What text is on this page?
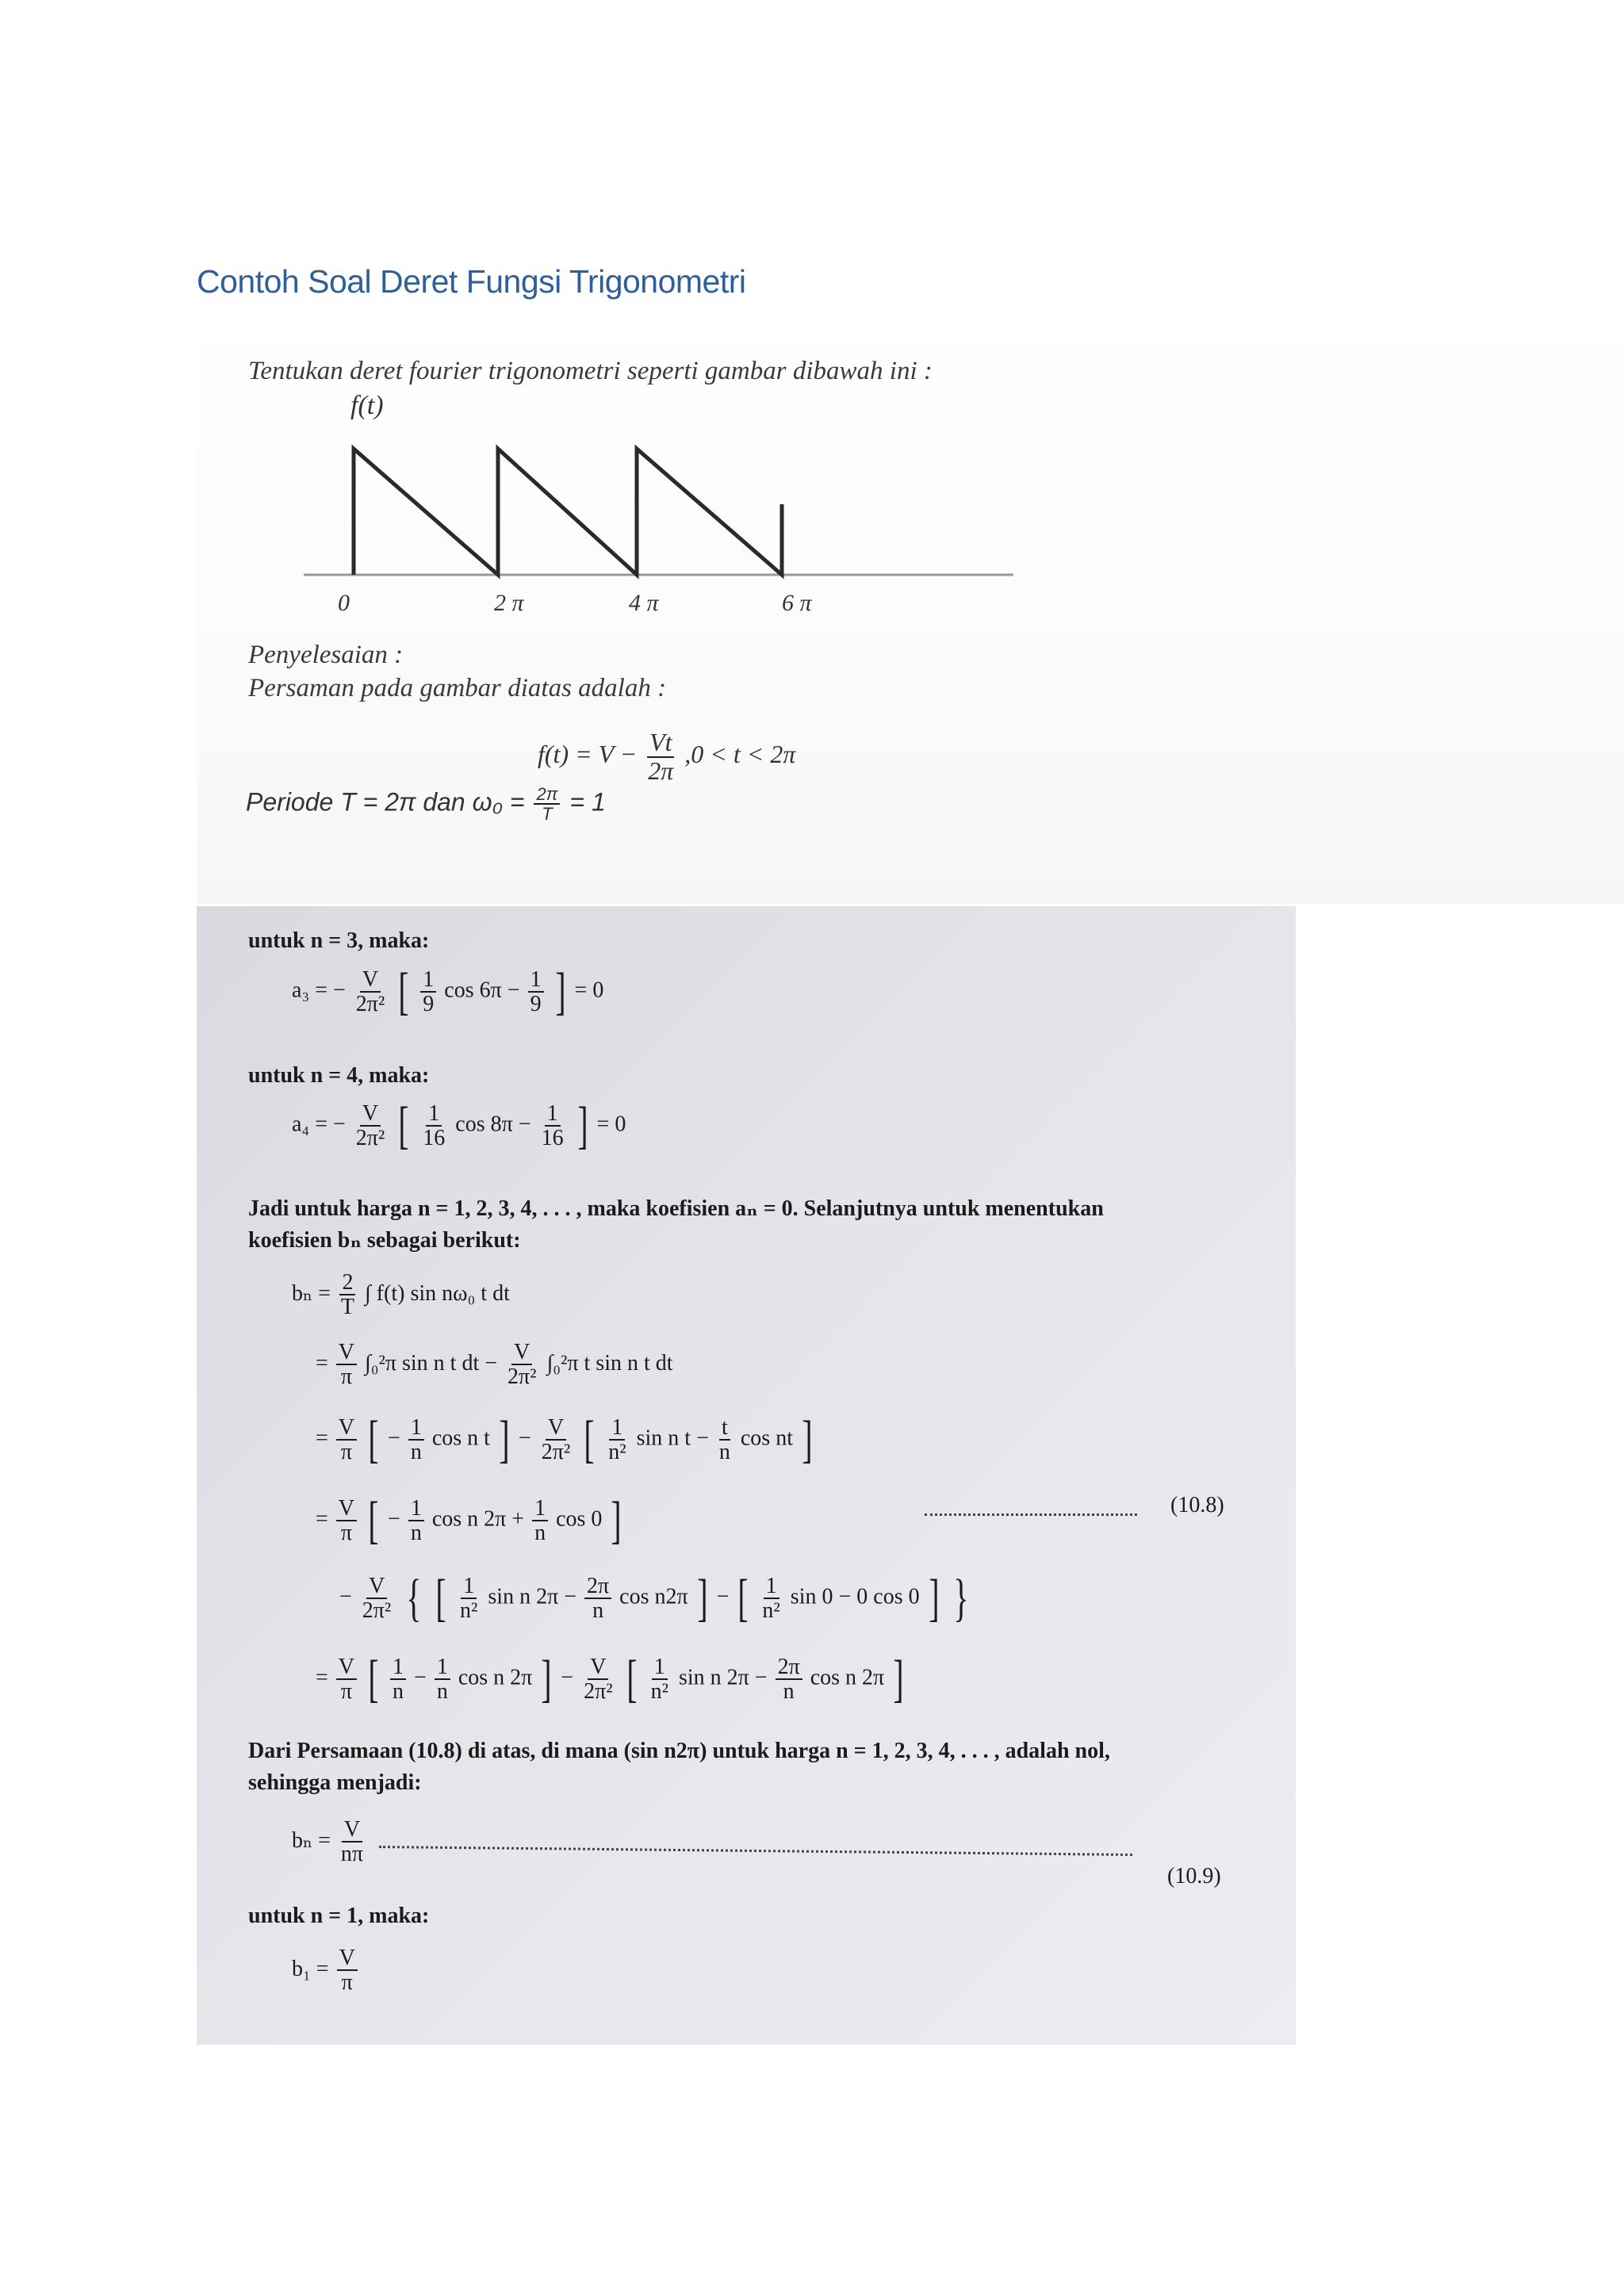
Contoh Soal Deret Fungsi Trigonometri
Tentukan deret fourier trigonometri seperti gambar dibawah ini :
f(t)
0	2 π	4 π	6 π
Penyelesaian :
Persaman pada gambar diatas adalah :
$f(t) = V - \frac{Vt}{2\pi} ,0 < t < 2\pi$
Periode T = 2π dan $\omega_0 = \frac{2\pi}{T} = 1$
untuk n = 3, maka:
a₃ = − $\frac{V}{\text{2π²}}$ [ $\frac{1}{9}$ $\cos 6\pi - \frac{1}{9}$ ] = 0
untuk n = 4, maka:
a₄ = − $\frac{V}{\text{2π²}}$ [ $\frac{1}{16}$ $\cos 8\pi - \frac{1}{16}$ ] = 0
Jadi untuk harga n = 1, 2, 3, 4, . . . , maka koefisien aₙ = 0. Selanjutnya untuk menentukan
koefisien bₙ sebagai berikut:
$b_n = \frac{2}{T}$ ∫ f(t) sin nω₀ t dt
= $\frac{V}{\pi} \int_0^2\pi$ sin n t dt − $\frac{V}{\text{2π²}} \int_0^2\pi$ t sin n t dt
= $\frac{V}{\pi}$ [ − $\frac{1}{n}$ cos n t ] − $\frac{V}{\text{2π²}}$ [ $\frac{1}{\text{n²}}$ sin n $t - \frac{t}{n}$ cos nt ]
= $\frac{V}{\pi}$ [ − $\frac{1}{n}$ cos n $2\pi + \frac{1}{n}$ cos 0 ]	(10.8)
− $\frac{V}{\text{2π²}}$ { [ $\frac{1}{\text{n²}}$ sin n $2\pi - \frac{2\pi}{n}$ cos n2π ] − [ $\frac{1}{\text{n²}}$ sin 0 − 0 cos 0 ] }
= $\frac{V}{\pi}$ [ $\frac{1}{n} - \frac{1}{n}$ cos n 2π ] − $\frac{V}{\text{2π²}}$ [ $\frac{1}{\text{n²}}$ sin n $2\pi - \frac{2\pi}{n}$ cos n 2π ]
Dari Persamaan (10.8) di atas, di mana (sin n2π) untuk harga n = 1, 2, 3, 4, . . . , adalah nol,
sehingga menjadi:
$b_n = \frac{V}{n\pi}$
(10.9)
untuk n = 1, maka:
$b_1 = \frac{V}{\pi}$
